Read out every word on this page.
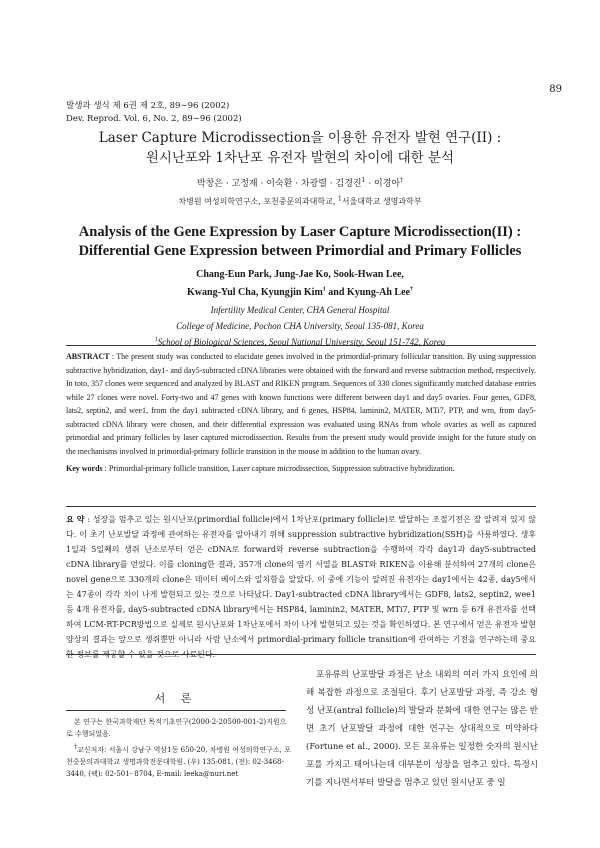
89
발생과 생식 제 6권 제 2호, 89∼96 (2002)
Dev. Reprod. Vol. 6, No. 2, 89∼96 (2002)
Laser Capture Microdissection을 이용한 유전자 발현 연구(II) :
원시난포와 1차난포 유전자 발현의 차이에 대한 분석
박창은 · 고정재 · 이숙환 · 차광렬 · 김경진$^1$ · 이경아†
차병원 여성의학연구소, 포천중문의과대학교, $^1$서울대학교 생명과학부
Analysis of the Gene Expression by Laser Capture Microdissection(II) :
Differential Gene Expression between Primordial and Primary Follicles
Chang-Eun Park, Jung-Jae Ko, Sook-Hwan Lee,
Kwang-Yul Cha, Kyungjin Kim$^1$ and Kyung-Ah Lee†
Infertility Medical Center, CHA General Hospital
College of Medicine, Pochon CHA University, Seoul 135-081, Korea
$^1$School of Biological Sciences, Seoul National University, Seoul 151-742, Korea
ABSTRACT : The present study was conducted to elucidate genes involved in the primordial-primary follicular transition. By using suppression subtractive hybridization, day1- and day5-subtracted cDNA libraries were obtained with the forward and reverse subtraction method, respectively. In toto, 357 clones were sequenced and analyzed by BLAST and RIKEN program. Sequences of 330 clones significantly matched database entries while 27 clones were novel. Forty-two and 47 genes with known functions were different between day1 and day5 ovaries. Four genes, GDF8, lats2, septin2, and wee1, from the day1 subtracted cDNA library, and 6 genes, HSP84, laminin2, MATER, MTi7, PTP, and wrn, from day5-subtracted cDNA library were chosen, and their differential expression was evaluated using RNAs from whole ovaries as well as captured primordial and primary follicles by laser captured microdissection. Results from the present study would provide insight for the future study on the mechanisms involved in primordial-primary follicle transition in the mouse in addition to the human ovary.
Key words : Primordial-primary follicle transition, Laser capture microdissection, Suppression subtractive hybridization.
요 약 : 성장을 멈추고 있는 원시난포(primordial follicle)에서 1차난포(primary follicle)로 발달하는 조절기전은 잘 알려져 있지 않다. 이 초기 난포발달 과정에 관여하는 유전자를 알아내기 위해 suppression subtractive hybridization(SSH)을 사용하였다. 생후 1일과 5일째의 생쥐 난소로부터 얻은 cDNA로 forward와 reverse subtraction을 수행하여 각각 day1과 day5-subtracted cDNA library를 얻었다. 이를 cloning한 결과, 357개 clone의 염기 서열을 BLAST와 RIKEN을 이용해 분석하여 27개의 clone은 novel gene으로 330개의 clone은 데이터 베이스와 일치함을 알았다. 이 중에 기능이 알려진 유전자는 day1에서는 42종, day5에서는 47종이 각각 차이 나게 발현되고 있는 것으로 나타났다. Day1-subtracted cDNA library에서는 GDF8, lats2, septin2, wee1등 4개 유전자를, day5-subtracted cDNA library에서는 HSP84, laminin2, MATER, MTi7, PTP 및 wrn 등 6개 유전자를 선택하여 LCM-RT-PCR방법으로 실제로 원시난포와 1차난포에서 차이 나게 발현되고 있는 것을 확인하였다. 본 연구에서 얻은 유전자 발현 양상의 결과는 앞으로 생쥐뿐만 아니라 사람 난소에서 primordial-primary follicle transition에 관여하는 기전을 연구하는데 중요한 정보를 제공할 수 있을 것으로 사료된다.
서 론

본 연구는 한국과학재단 목적기초연구(2000-2-20500-001-2)지원으로 수행되었음.

†교신저자: 서울시 강남구 역삼1동 650-20, 차병원 여성의학연구소, 포천중문의과대학교 생명과학전문대학원. (우) 135-081, (전): 02-3468-3440, (팩): 02-501- 8704, E-mail: leeka@nuri.net

포유류의 난포발달 과정은 난소 내외의 여러 가지 요인에 의해 복잡한 과정으로 조절된다. 후기 난포발달 과정, 즉 강소 형성 난포(antral follicle)의 발달과 분화에 대한 연구는 많은 반면 초기 난포발달 과정에 대한 연구는 상대적으로 미약하다(Fortune et al., 2000). 모든 포유류는 일정한 숫자의 원시난포를 가지고 태어나는데 대부분이 성장을 멈추고 있다. 특정시기를 지나면서부터 발달을 멈추고 있던 원시난포 중 일
